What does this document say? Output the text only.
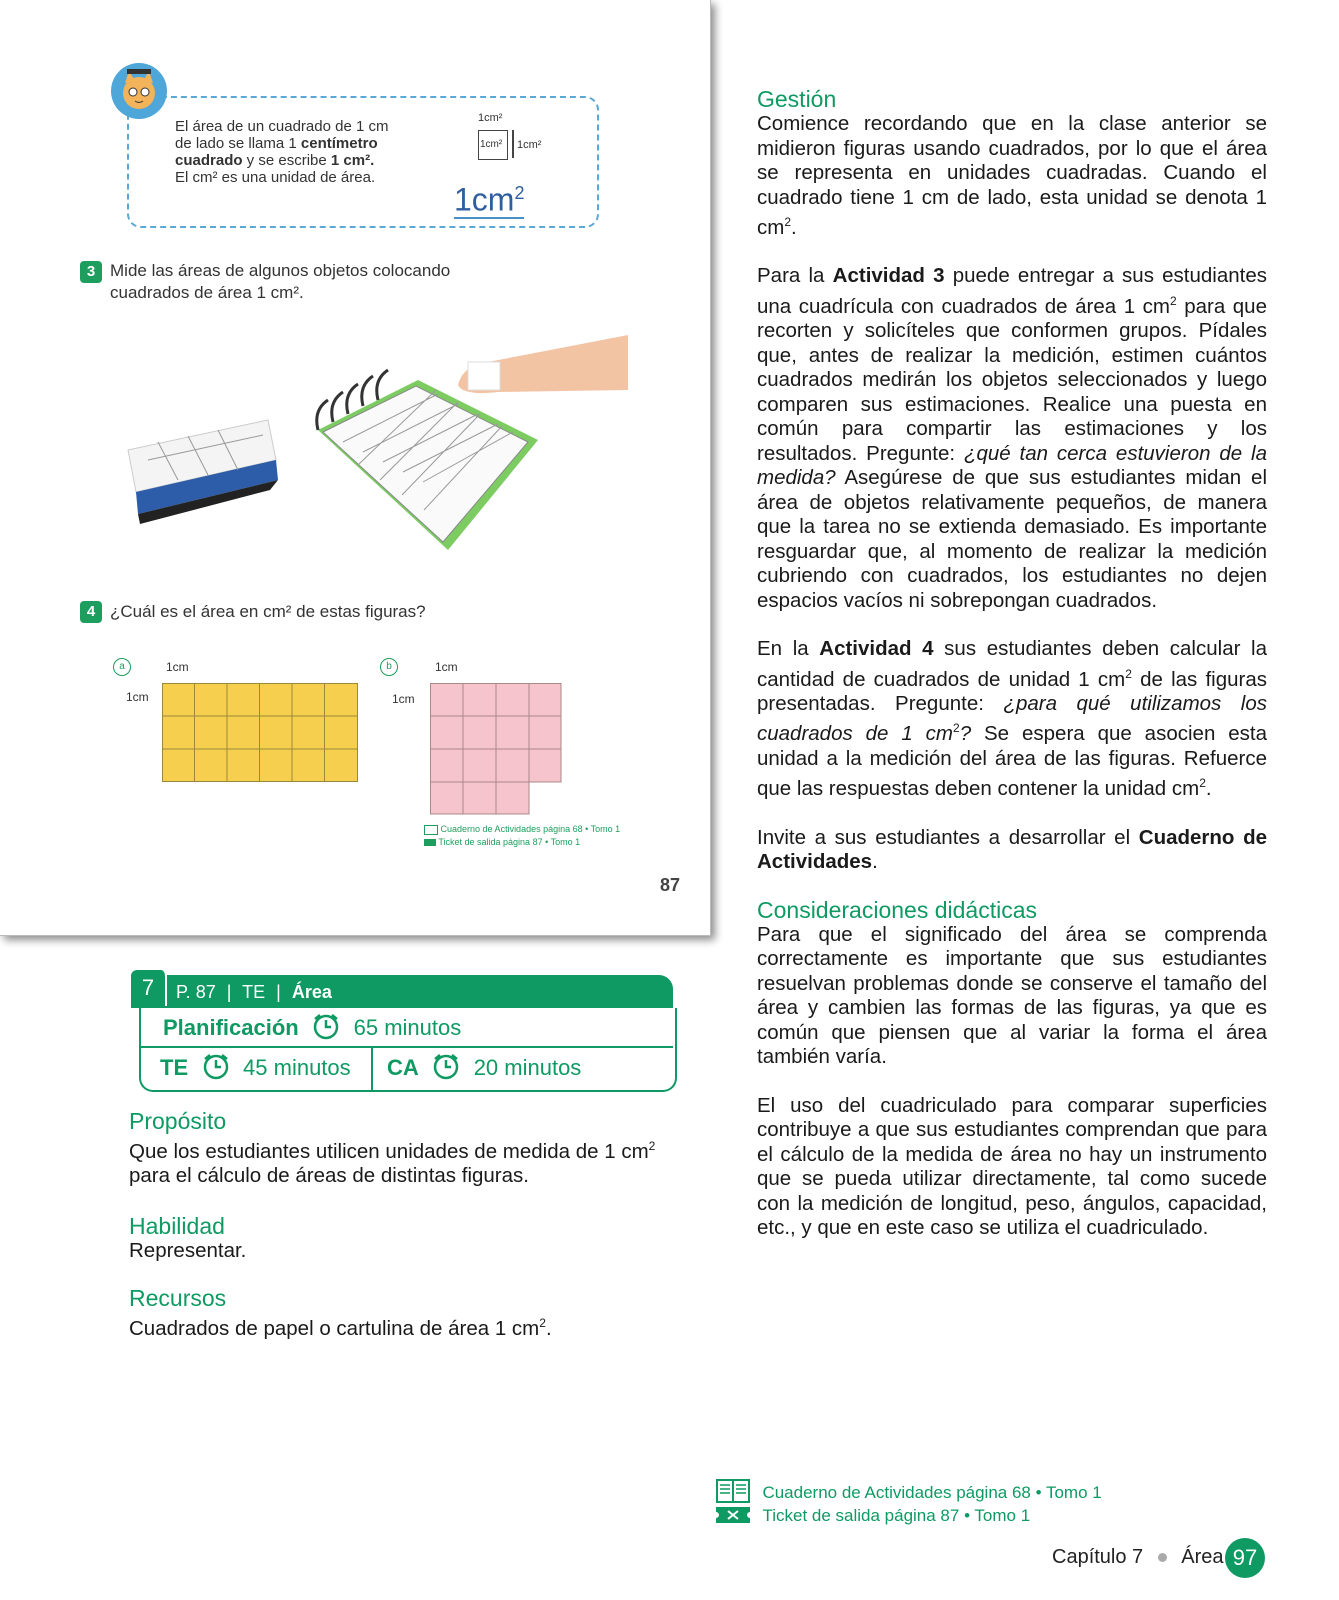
El área de un cuadrado de 1 cm
de lado se llama 1 centímetro
cuadrado y se escribe 1 cm².
El cm² es una unidad de área.
1cm²
1cm² 1cm²
$1cm^2$
3 Mide las áreas de algunos objetos colocando cuadrados de área 1 cm².
4 ¿Cuál es el área en cm² de estas figuras?
a	1cm
1cm
b	1cm
1cm
Cuaderno de Actividades página 68 • Tomo 1
Ticket de salida página 87 • Tomo 1
87
7	P. 87 | TE | Área
Planificación 65 minutos
TE 45 minutos CA 20 minutos
Propósito
Que los estudiantes utilicen unidades de medida de 1 $cm^2$
para el cálculo de áreas de distintas figuras.
Habilidad
Representar.
Recursos
Cuadrados de papel o cartulina de área 1 $cm^2$.
Gestión
Comience recordando que en la clase anterior se midieron figuras usando cuadrados, por lo que el área se representa en unidades cuadradas. Cuando el cuadrado tiene 1 cm de lado, esta unidad se denota 1 $cm^2$.
Para la Actividad 3 puede entregar a sus estudiantes una cuadrícula con cuadrados de área 1 $cm^2$ para que recorten y solicíteles que conformen grupos. Pídales que, antes de realizar la medición, estimen cuántos cuadrados medirán los objetos seleccionados y luego comparen sus estimaciones. Realice una puesta en común para compartir las estimaciones y los resultados. Pregunte: ¿qué tan cerca estuvieron de la medida? Asegúrese de que sus estudiantes midan el área de objetos relativamente pequeños, de manera que la tarea no se extienda demasiado. Es importante resguardar que, al momento de realizar la medición cubriendo con cuadrados, los estudiantes no dejen espacios vacíos ni sobrepongan cuadrados.
En la Actividad 4 sus estudiantes deben calcular la cantidad de cuadrados de unidad 1 $cm^2$ de las figuras presentadas. Pregunte: ¿para qué utilizamos los cuadrados de 1 $cm^2$? Se espera que asocien esta unidad a la medición del área de las figuras. Refuerce que las respuestas deben contener la unidad $cm^2$.
Invite a sus estudiantes a desarrollar el Cuaderno de Actividades.
Consideraciones didácticas
Para que el significado del área se comprenda correctamente es importante que sus estudiantes resuelvan problemas donde se conserve el tamaño del área y cambien las formas de las figuras, ya que es común que piensen que al variar la forma el área también varía.
El uso del cuadriculado para comparar superficies contribuye a que sus estudiantes comprendan que para el cálculo de la medida de área no hay un instrumento que se pueda utilizar directamente, tal como sucede con la medición de longitud, peso, ángulos, capacidad, etc., y que en este caso se utiliza el cuadriculado.
Cuaderno de Actividades página 68 • Tomo 1
Ticket de salida página 87 • Tomo 1
Capítulo 7 Área 97
